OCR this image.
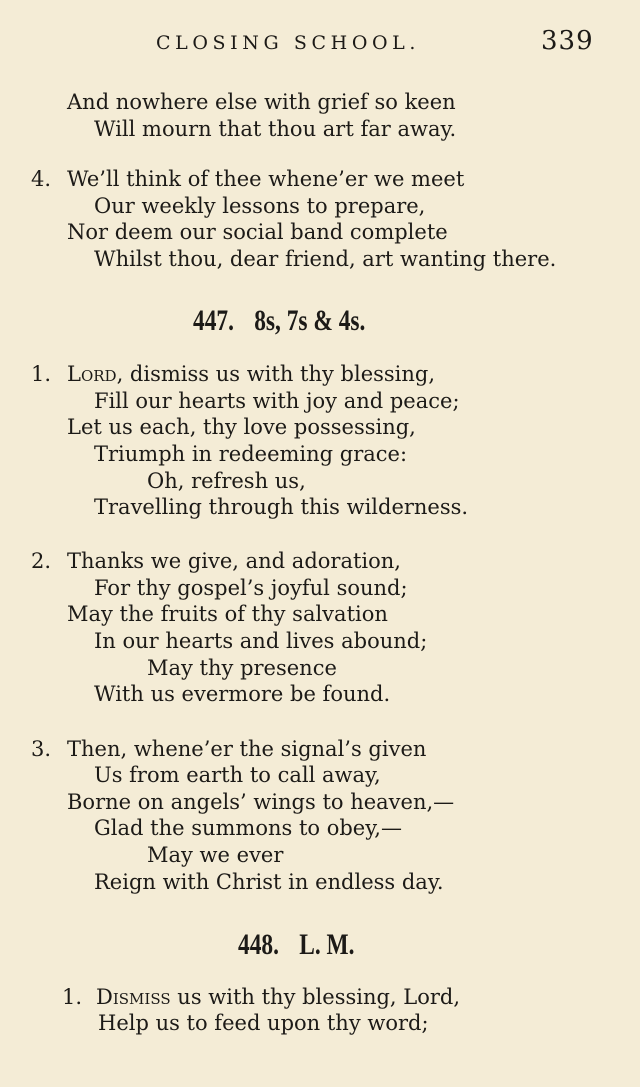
CLOSING SCHOOL.	339
And nowhere else with grief so keen
Will mourn that thou art far away.
4. We’ll think of thee whene’er we meet
Our weekly lessons to prepare,
Nor deem our social band complete
Whilst thou, dear friend, art wanting there.
447. 8s, 7s & 4s.
1. Lord, dismiss us with thy blessing,
Fill our hearts with joy and peace;
Let us each, thy love possessing,
Triumph in redeeming grace:
Oh, refresh us,
Travelling through this wilderness.
2. Thanks we give, and adoration,
For thy gospel’s joyful sound;
May the fruits of thy salvation
In our hearts and lives abound;
May thy presence
With us evermore be found.
3. Then, whene’er the signal’s given
Us from earth to call away,
Borne on angels’ wings to heaven,—
Glad the summons to obey,—
May we ever
Reign with Christ in endless day.
448. L. M.
1. Dismiss us with thy blessing, Lord,
Help us to feed upon thy word;
